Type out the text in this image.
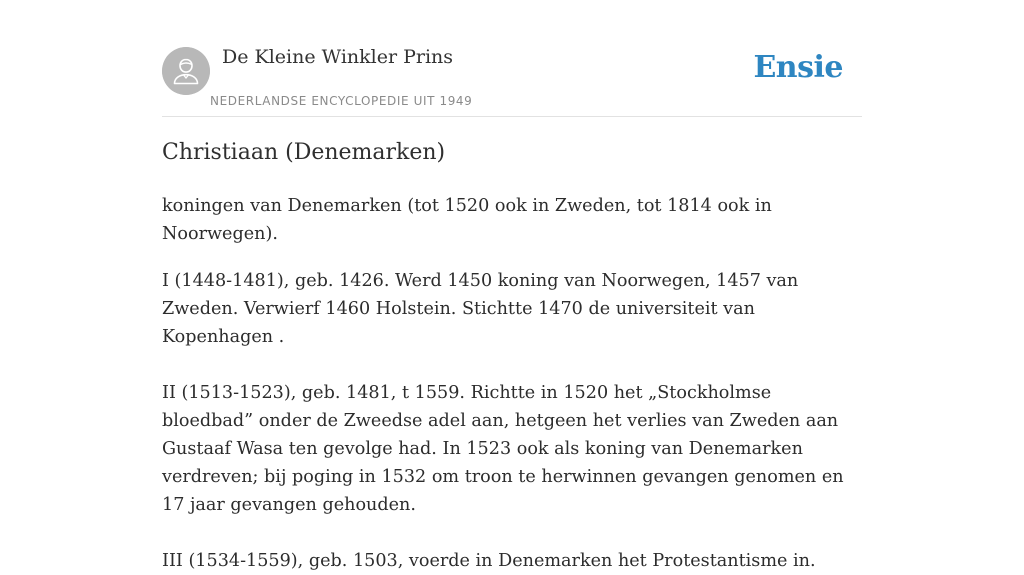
De Kleine Winkler Prins
NEDERLANDSE ENCYCLOPEDIE UIT 1949
Ensie
Christiaan (Denemarken)

koningen van Denemarken (tot 1520 ook in Zweden, tot 1814 ook in Noorwegen).

I (1448-1481), geb. 1426. Werd 1450 koning van Noorwegen, 1457 van Zweden. Verwierf 1460 Holstein. Stichtte 1470 de universiteit van Kopenhagen .

II (1513-1523), geb. 1481, t 1559. Richtte in 1520 het „Stockholmse bloedbad” onder de Zweedse adel aan, hetgeen het verlies van Zweden aan Gustaaf Wasa ten gevolge had. In 1523 ook als koning van Denemarken verdreven; bij poging in 1532 om troon te herwinnen gevangen genomen en 17 jaar gevangen gehouden.

III (1534-1559), geb. 1503, voerde in Denemarken het Protestantisme in.
